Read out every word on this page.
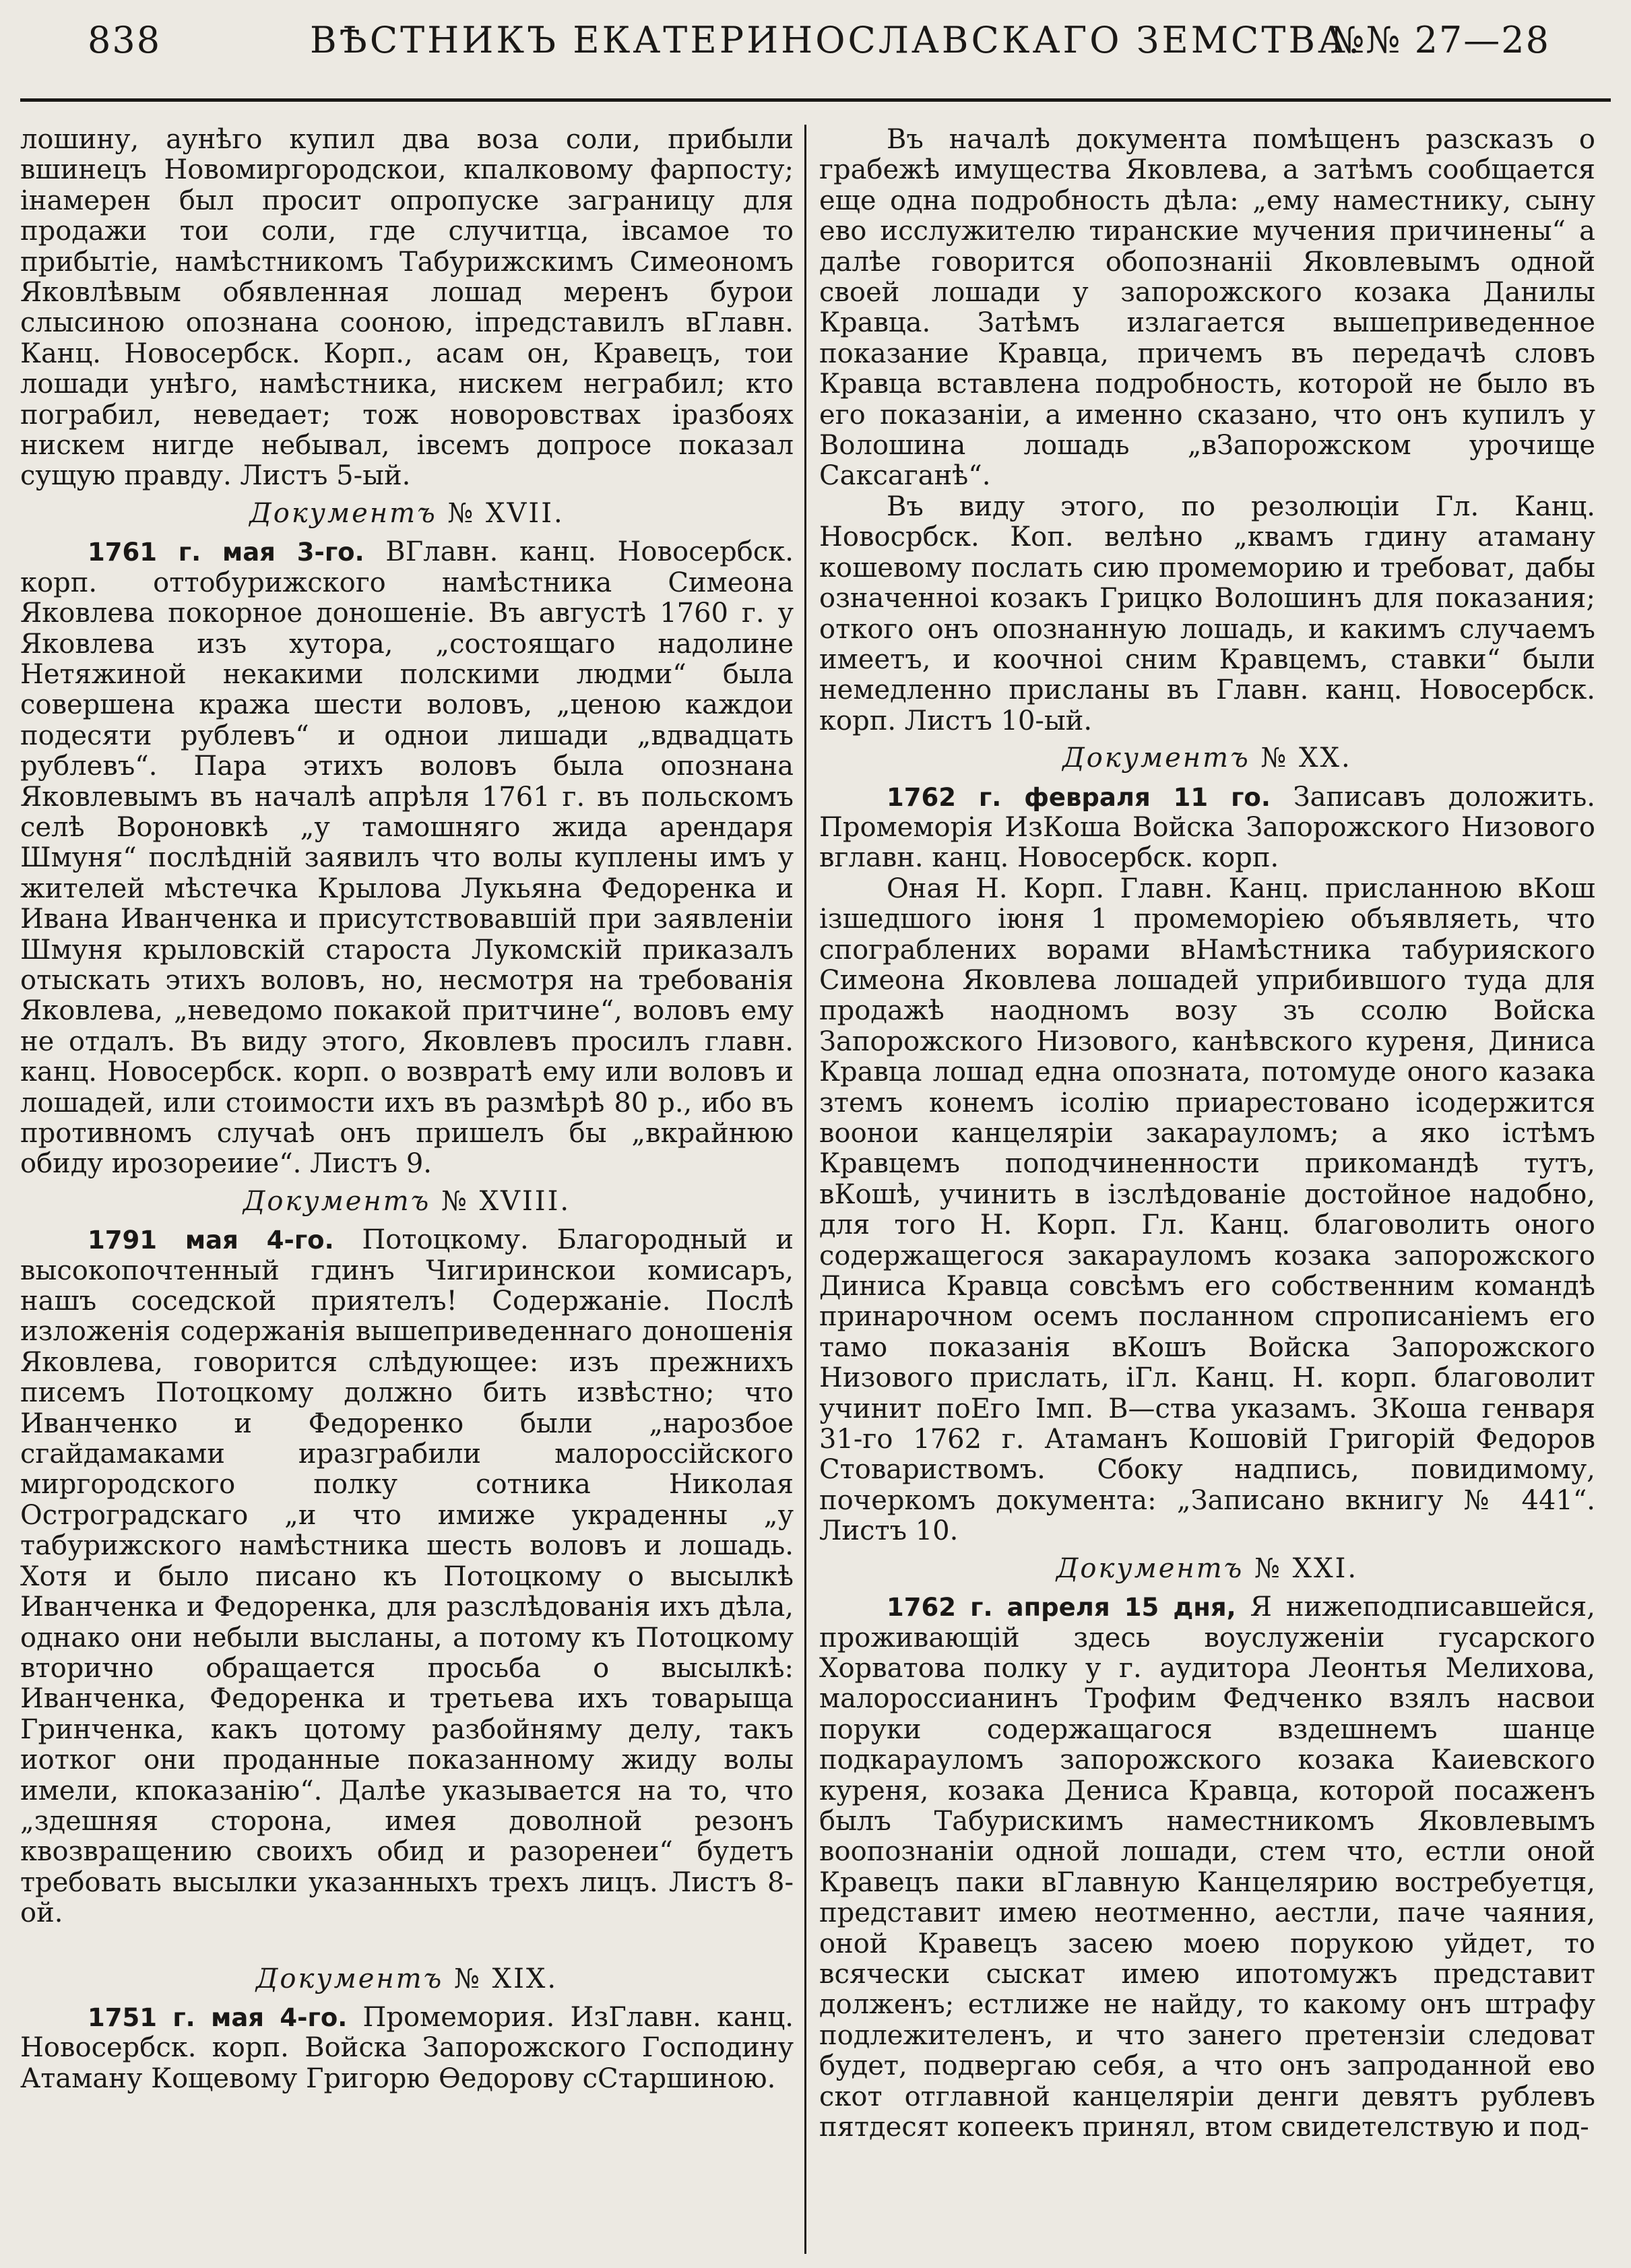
838	ВѢСТНИКЪ ЕКАТЕРИНОСЛАВСКАГО ЗЕМСТВА.
№№ 27—28

лошину, аунѣго купил два воза соли, прибыли вшинецъ Новомиргородскои, кпалковому фарпосту; інамерен был просит опропуске заграницу для продажи тои соли, где случитца, івсамое то прибытіе, намѣстникомъ Табурижскимъ Симеономъ Яковлѣвым обявленная лошад меренъ бурои слысиною опознана сооною, іпредставилъ вГлавн. Канц. Новосербск. Корп., асам он, Кравецъ, тои лошади унѣго, намѣстника, нискем неграбил; кто пограбил, неведает; тож новоровствах іразбоях нискем нигде небывал, івсемъ допросе показал сущую правду. Листъ 5-ый.

Документъ № XVII.

1761 г. мая 3-го. ВГлавн. канц. Новосербск. корп. оттобурижского намѣстника Симеона Яковлева покорное доношеніе. Въ августѣ 1760 г. у Яковлева изъ хутора, „состоящаго надолине Нетяжиной некакими полскими людми“ была совершена кража шести воловъ, „ценою каждои подесяти рублевъ“ и однои лишади „вдвадцать рублевъ“. Пара этихъ воловъ была опознана Яковлевымъ въ началѣ апрѣля 1761 г. въ польскомъ селѣ Вороновкѣ „у тамошняго жида арендаря Шмуня“ послѣдній заявилъ что волы куплены имъ у жителей мѣстечка Крылова Лукьяна Федоренка и Ивана Иванченка и присутствовавшій при заявленіи Шмуня крыловскій староста Лукомскій приказалъ отыскать этихъ воловъ, но, несмотря на требованія Яковлева, „неведомо покакой притчине“, воловъ ему не отдалъ. Въ виду этого, Яковлевъ просилъ главн. канц. Новосербск. корп. о возвратѣ ему или воловъ и лошадей, или стоимости ихъ въ размѣрѣ 80 р., ибо въ противномъ случаѣ онъ пришелъ бы „вкрайнюю обиду ирозореиие“. Листъ 9.

Документъ № XVIII.

1791 мая 4-го. Потоцкому. Благородный и высокопочтенный гдинъ Чигиринскои комисаръ, нашъ соседской приятелъ! Содержаніе. Послѣ изложенія содержанія вышеприведеннаго доношенія Яковлева, говорится слѣдующее: изъ прежнихъ писемъ Потоцкому должно бить извѣстно; что Иванченко и Федоренко были „нарозбое сгайдамаками иразграбили малороссійского миргородского полку сотника Николая Остроградскаго „и что имиже украденны „у табурижского намѣстника шесть воловъ и лошадь. Хотя и было писано къ Потоцкому о высылкѣ Иванченка и Федоренка, для разслѣдованія ихъ дѣла, однако они небыли высланы, а потому къ Потоцкому вторично обращается просьба о высылкѣ: Иванченка, Федоренка и третьева ихъ товарыща Гринченка, какъ цотому разбойняму делу, такъ иотког они проданные показанному жиду волы имели, кпоказанію“. Далѣе указывается на то, что „здешняя сторона, имея доволной резонъ квозвращению своихъ обид и разоренеи“ будетъ требовать высылки указанныхъ трехъ лицъ. Листъ 8-ой.

Документъ № XIX.

1751 г. мая 4-го. Промемория. ИзГлавн. канц. Новосербск. корп. Войска Запорожского Господину Атаману Кощевому Григорю Өедорову сСтаршиною.

Въ началѣ документа помѣщенъ разсказъ о грабежѣ имущества Яковлева, а затѣмъ сообщается еще одна подробность дѣла: „ему наместнику, сыну ево исслужителю тиранские мучения причинены“ а далѣе говорится обопознанii Яковлевымъ одной своей лошади у запорожского козака Данилы Кравца. Затѣмъ излагается вышеприведенное показание Кравца, причемъ въ передачѣ словъ Кравца вставлена подробность, которой не было въ его показанiи, а именно сказано, что онъ купилъ у Волошина лошадь „вЗапорожском урочище Саксаганѣ“.

Въ виду этого, по резолюцiи Гл. Канц. Новосрбск. Коп. велѣно „квамъ гдину атаману кошевому послать сию промеморию и требоват, дабы означенноi козакъ Грицко Волошинъ для показания; откого онъ опознанную лошадь, и какимъ случаемъ имеетъ, и коочноi сним Кравцемъ, ставки“ были немедленно присланы въ Главн. канц. Новосербск. корп. Листъ 10-ый.

Документъ № XX.

1762 г. февраля 11 го. Записавъ доложить. Промеморiя ИзКоша Войска Запорожского Низового вглавн. канц. Новосербск. корп.

Оная Н. Корп. Главн. Канц. присланною вКош ізшедшого іюня 1 промеморiею объявляеть, что спограблених ворами вНамѣстника табурияского Симеона Яковлева лошадей уприбившого туда для продажѣ наодномъ возу зъ ссолю Войска Запорожского Низового, канѣвского куреня, Диниса Кравца лошад една опозната, потомуде оного казака зтемъ конемъ ісолію приарестовано ісодержится воонои канцеляріи закарауломъ; а яко істѣмъ Кравцемъ поподчиненности прикомандѣ тутъ, вКошѣ, учинить в ізслѣдованіе достойное надобно, для того Н. Корп. Гл. Канц. благоволить оного содержащегося закарауломъ козака запорожского Диниса Кравца совсѣмъ его собственним командѣ принарочном осемъ посланном спрописанiемъ его тамо показанiя вКошъ Войска Запорожского Низового прислать, іГл. Канц. Н. корп. благоволит учинит поЕго Імп. В—ства указамъ. ЗКоша генваря 31-го 1762 г. Атаманъ Кошовій Григорій Федоров Стовариствомъ. Сбоку надпись, повидимому, почеркомъ документа: „Записано вкнигу № 441“. Листъ 10.

Документъ № XXI.

1762 г. апреля 15 дня, Я нижеподписавшейся, проживающій здесь воуслуженiи гусарского Хорватова полку у г. аудитора Леонтья Мелихова, малороссианинъ Трофим Федченко взялъ насвои поруки содержащагося вздешнемъ шанце подкарауломъ запорожского козака Каиевского куреня, козака Дениса Кравца, которой посаженъ былъ Табурискимъ наместникомъ Яковлевымъ воопознанiи одной лошади, стем что, естли оной Кравецъ паки вГлавную Канцелярию востребуетця, представит имею неотменно, аестли, паче чаяния, оной Кравецъ засею моею порукою уйдет, то всячески сыскат имею ипотомужъ представит долженъ; естлиже не найду, то какому онъ штрафу подлежителенъ, и что занего претензіи следоват будет, подвергаю себя, а что онъ запроданной ево скот отглавной канцеляріи денги девятъ рублевъ пятдесят копеекъ принял, втом свидетелствую и под-
